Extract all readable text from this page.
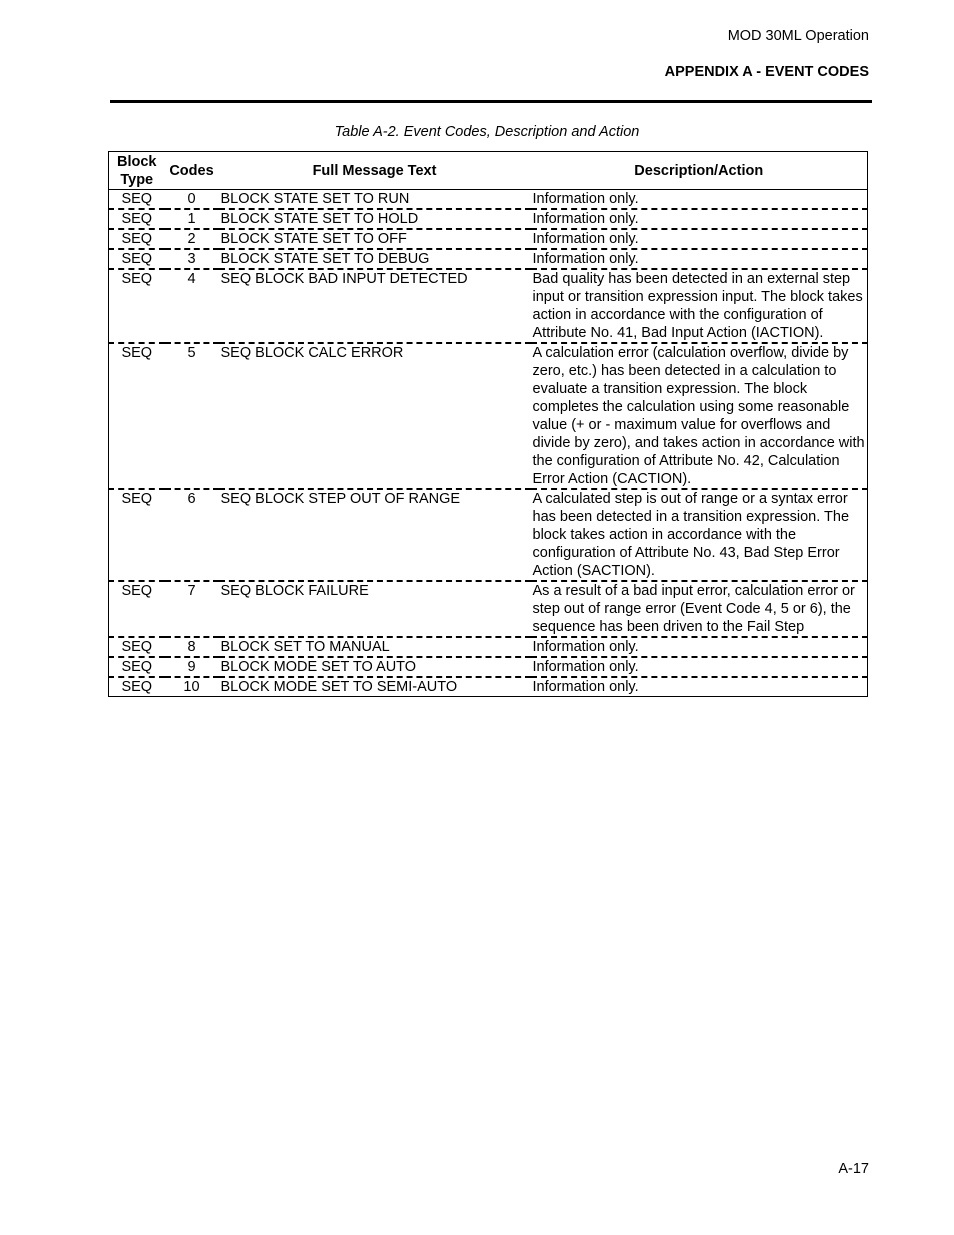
MOD 30ML Operation
APPENDIX A - EVENT CODES
Table A-2. Event Codes, Description and Action
Block Type	Codes	Full Message Text	Description/Action
SEQ	0	BLOCK STATE SET TO RUN	Information only.
SEQ	1	BLOCK STATE SET TO HOLD	Information only.
SEQ	2	BLOCK STATE SET TO OFF	Information only.
SEQ	3	BLOCK STATE SET TO DEBUG	Information only.
SEQ	4	SEQ BLOCK BAD INPUT DETECTED	Bad quality has been detected in an external step input or transition expression input. The block takes action in accordance with the configuration of Attribute No. 41, Bad Input Action (IACTION).
SEQ	5	SEQ BLOCK CALC ERROR	A calculation error (calculation overflow, divide by zero, etc.) has been detected in a calculation to evaluate a transition expression. The block completes the calculation using some reasonable value (+ or - maximum value for overflows and divide by zero), and takes action in accordance with the configuration of Attribute No. 42, Calculation Error Action (CACTION).
SEQ	6	SEQ BLOCK STEP OUT OF RANGE	A calculated step is out of range or a syntax error has been detected in a transition expression. The block takes action in accordance with the configuration of Attribute No. 43, Bad Step Error Action (SACTION).
SEQ	7	SEQ BLOCK FAILURE	As a result of a bad input error, calculation error or step out of range error (Event Code 4, 5 or 6), the sequence has been driven to the Fail Step
SEQ	8	BLOCK SET TO MANUAL	Information only.
SEQ	9	BLOCK MODE SET TO AUTO	Information only.
SEQ	10	BLOCK MODE SET TO SEMI-AUTO	Information only.
A-17
